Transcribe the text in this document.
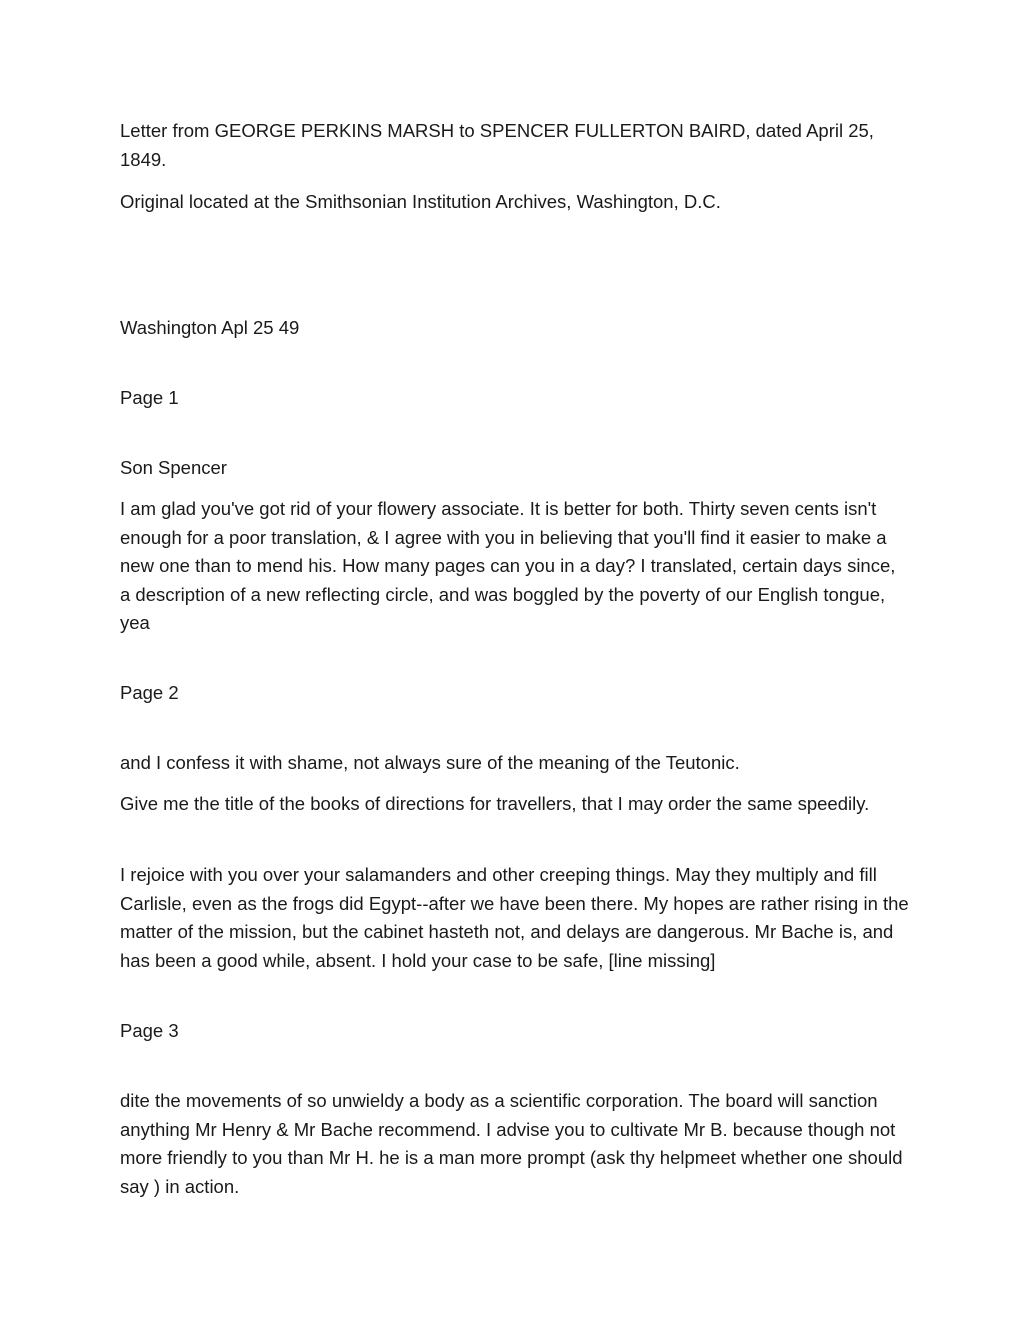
Letter from GEORGE PERKINS MARSH to SPENCER FULLERTON BAIRD, dated April 25, 1849.

Original located at the Smithsonian Institution Archives, Washington, D.C.

Washington Apl 25 49

Page 1

Son Spencer

I am glad you've got rid of your flowery associate. It is better for both. Thirty seven cents isn't enough for a poor translation, & I agree with you in believing that you'll find it easier to make a new one than to mend his. How many pages can you in a day? I translated, certain days since, a description of a new reflecting circle, and was boggled by the poverty of our English tongue, yea

Page 2

and I confess it with shame, not always sure of the meaning of the Teutonic.

Give me the title of the books of directions for travellers, that I may order the same speedily.

I rejoice with you over your salamanders and other creeping things. May they multiply and fill Carlisle, even as the frogs did Egypt--after we have been there. My hopes are rather rising in the matter of the mission, but the cabinet hasteth not, and delays are dangerous. Mr Bache is, and has been a good while, absent. I hold your case to be safe, [line missing]

Page 3

dite the movements of so unwieldy a body as a scientific corporation. The board will sanction anything Mr Henry & Mr Bache recommend. I advise you to cultivate Mr B. because though not more friendly to you than Mr H. he is a man more prompt (ask thy helpmeet whether one should say ) in action.
